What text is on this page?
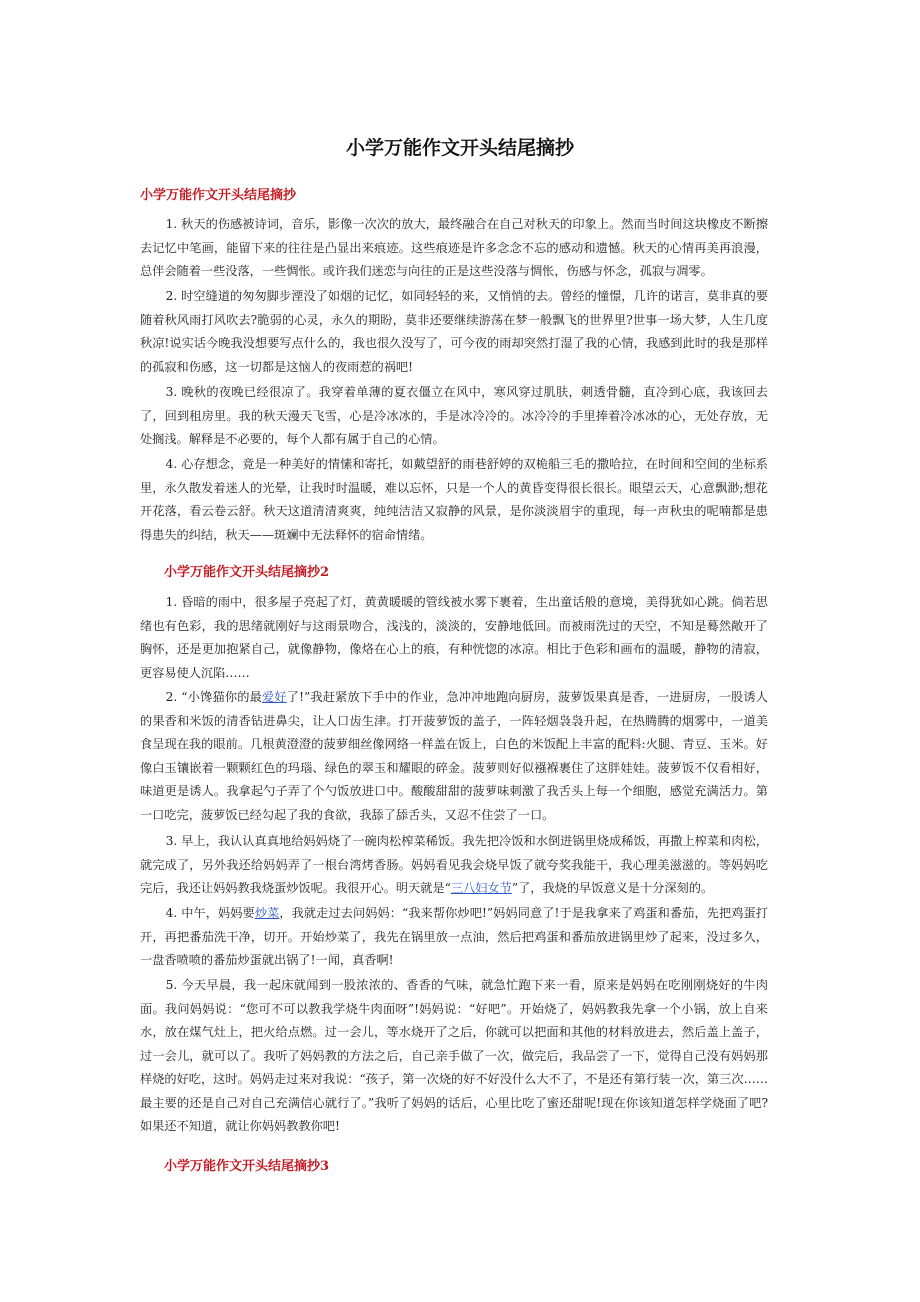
小学万能作文开头结尾摘抄
小学万能作文开头结尾摘抄

1. 秋天的伤感被诗词，音乐，影像一次次的放大，最终融合在自己对秋天的印象上。然而当时间这块橡皮不断擦去记忆中笔画，能留下来的往往是凸显出来痕迹。这些痕迹是许多念念不忘的感动和遗憾。秋天的心情再美再浪漫，总伴会随着一些没落，一些惆怅。或许我们迷恋与向往的正是这些没落与惆怅，伤感与怀念，孤寂与凋零。

2. 时空缝道的匆匆脚步湮没了如烟的记忆，如同轻轻的来，又悄悄的去。曾经的憧憬，几许的诺言，莫非真的要随着秋风雨打风吹去?脆弱的心灵，永久的期盼，莫非还要继续游荡在梦一般飘飞的世界里?世事一场大梦，人生几度秋凉!说实话今晚我没想要写点什么的，我也很久没写了，可今夜的雨却突然打湿了我的心情，我感到此时的我是那样的孤寂和伤感，这一切都是这恼人的夜雨惹的祸吧!

3. 晚秋的夜晚已经很凉了。我穿着单薄的夏衣僵立在风中，寒风穿过肌肤，刺透骨髓，直冷到心底，我该回去了，回到租房里。我的秋天漫天飞雪，心是冷冰冰的，手是冰冷冷的。冰冷冷的手里捧着冷冰冰的心，无处存放，无处搁浅。解释是不必要的，每个人都有属于自己的心情。

4. 心存想念，竟是一种美好的情愫和寄托，如戴望舒的雨巷舒婷的双桅船三毛的撒哈拉，在时间和空间的坐标系里，永久散发着迷人的光晕，让我时时温暖，难以忘怀，只是一个人的黄昏变得很长很长。眼望云天，心意飘渺;想花开花落，看云卷云舒。秋天这道清清爽爽，纯纯洁洁又寂静的风景，是你淡淡眉宇的重现，每一声秋虫的呢喃都是患得患失的纠结，秋天——斑斓中无法释怀的宿命情绪。

小学万能作文开头结尾摘抄2

1. 昏暗的雨中，很多屋子亮起了灯，黄黄暖暖的管线被水雾下裹着，生出童话般的意境，美得犹如心跳。倘若思绪也有色彩，我的思绪就刚好与这雨景吻合，浅浅的，淡淡的，安静地低回。而被雨洗过的天空，不知是蓦然敞开了胸怀，还是更加抱紧自己，就像静物，像烙在心上的痕，有种恍惚的冰凉。相比于色彩和画布的温暖，静物的清寂，更容易使人沉陷……

2. “小馋猫你的最爱好了!”我赶紧放下手中的作业，急冲冲地跑向厨房，菠萝饭果真是香，一进厨房，一股诱人的果香和米饭的清香钻进鼻尖，让人口齿生津。打开菠萝饭的盖子，一阵轻烟袅袅升起，在热腾腾的烟雾中，一道美食呈现在我的眼前。几根黄澄澄的菠萝细丝像网络一样盖在饭上，白色的米饭配上丰富的配料:火腿、青豆、玉米。好像白玉镶嵌着一颗颗红色的玛瑙、绿色的翠玉和耀眼的碎金。菠萝则好似襁褓裹住了这胖娃娃。菠萝饭不仅看相好，味道更是诱人。我拿起勺子弄了个勺饭放进口中。酸酸甜甜的菠萝味刺激了我舌头上每一个细胞，感觉充满活力。第一口吃完，菠萝饭已经勾起了我的食欲，我舔了舔舌头，又忍不住尝了一口。

3. 早上，我认认真真地给妈妈烧了一碗肉松榨菜稀饭。我先把冷饭和水倒进锅里烧成稀饭，再撒上榨菜和肉松，就完成了，另外我还给妈妈弄了一根台湾烤香肠。妈妈看见我会烧早饭了就夸奖我能干，我心理美滋滋的。等妈妈吃完后，我还让妈妈教我烧蛋炒饭呢。我很开心。明天就是“三八妇女节”了，我烧的早饭意义是十分深刻的。

4. 中午，妈妈要炒菜，我就走过去问妈妈：“我来帮你炒吧!”妈妈同意了!于是我拿来了鸡蛋和番茄，先把鸡蛋打开，再把番茄洗干净，切开。开始炒菜了，我先在锅里放一点油，然后把鸡蛋和番茄放进锅里炒了起来，没过多久，一盘香喷喷的番茄炒蛋就出锅了!一闻，真香啊!

5. 今天早晨，我一起床就闻到一股浓浓的、香香的气味，就急忙跑下来一看，原来是妈妈在吃刚刚烧好的牛肉面。我问妈妈说：“您可不可以教我学烧牛肉面呀”!妈妈说：“好吧”。开始烧了，妈妈教我先拿一个小锅，放上自来水，放在煤气灶上，把火给点燃。过一会儿，等水烧开了之后，你就可以把面和其他的材料放进去，然后盖上盖子，过一会儿，就可以了。我听了妈妈教的方法之后，自己亲手做了一次，做完后，我品尝了一下，觉得自己没有妈妈那样烧的好吃，这时。妈妈走过来对我说：“孩子，第一次烧的好不好没什么大不了，不是还有第行装一次，第三次……最主要的还是自己对自己充满信心就行了。”我听了妈妈的话后，心里比吃了蜜还甜呢!现在你该知道怎样学烧面了吧?如果还不知道，就让你妈妈教教你吧!

小学万能作文开头结尾摘抄3
